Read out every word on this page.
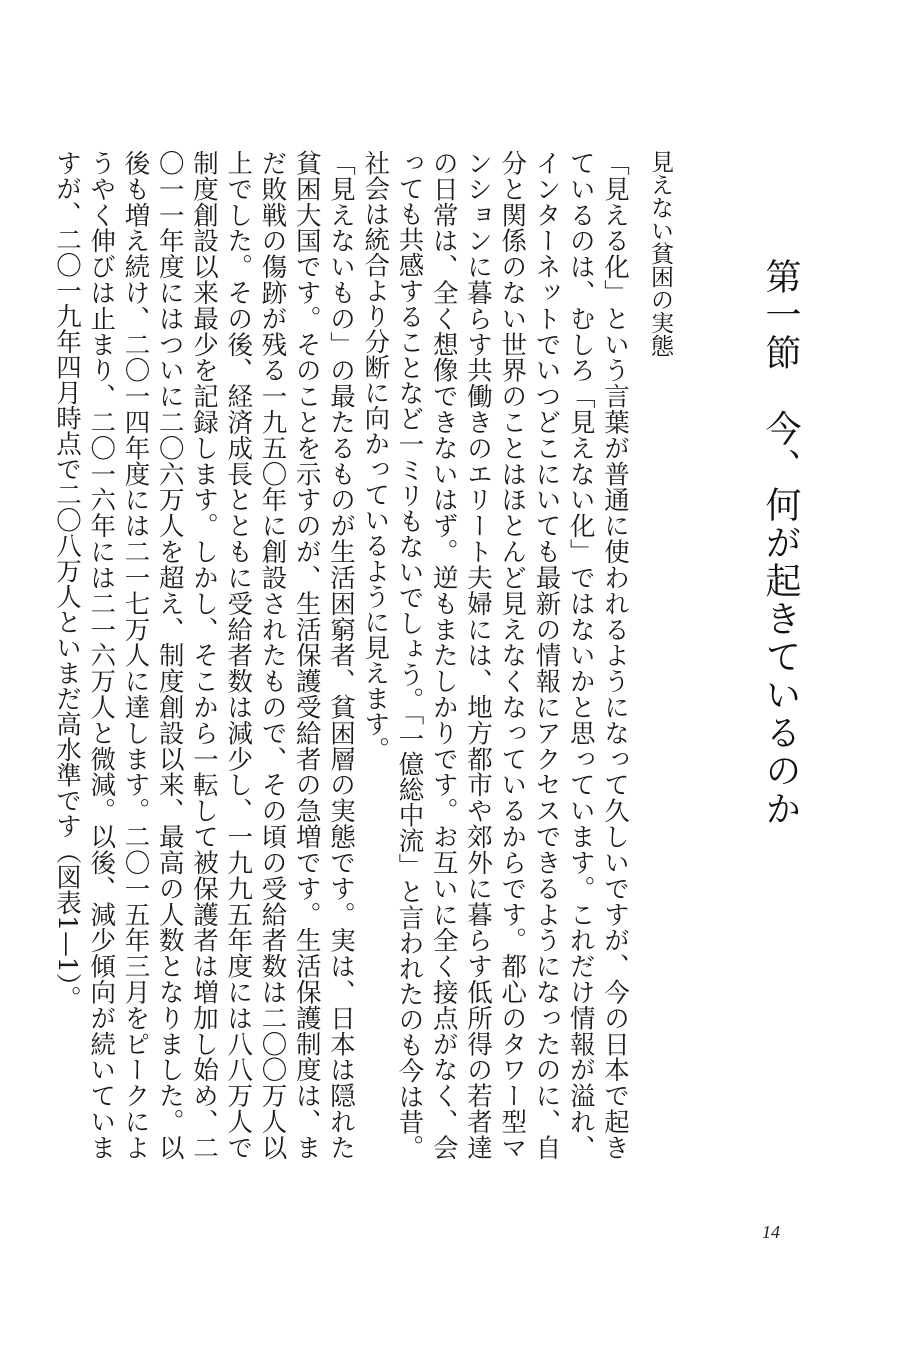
第一節　今、何が起きているのか
見えない貧困の実態

「見える化」という言葉が普通に使われるようになって久しいですが、今の日本で起きているのは、むしろ「見えない化」ではないかと思っています。これだけ情報が溢れ、インターネットでいつどこにいても最新の情報にアクセスできるようになったのに、自分と関係のない世界のことはほとんど見えなくなっているからです。都心のタワー型マンションに暮らす共働きのエリート夫婦には、地方都市や郊外に暮らす低所得の若者達の日常は、全く想像できないはず。逆もまたしかりです。お互いに全く接点がなく、会っても共感することなど一ミリもないでしょう。「一億総中流」と言われたのも今は昔。社会は統合より分断に向かっているように見えます。

「見えないもの」の最たるものが生活困窮者、貧困層の実態です。実は、日本は隠れた貧困大国です。そのことを示すのが、生活保護受給者の急増です。生活保護制度は、まだ敗戦の傷跡が残る一九五〇年に創設されたもので、その頃の受給者数は二〇〇万人以上でした。その後、経済成長とともに受給者数は減少し、一九九五年度には八八万人で制度創設以来最少を記録します。しかし、そこから一転して被保護者は増加し始め、二〇一一年度にはついに二〇六万人を超え、制度創設以来、最高の人数となりました。以後も増え続け、二〇一四年度には二一七万人に達します。二〇一五年三月をピークにようやく伸びは止まり、二〇一六年には二一六万人と微減。以後、減少傾向が続いていますが、二〇一九年四月時点で二〇八万人といまだ高水準です（図表1—1）。

14
